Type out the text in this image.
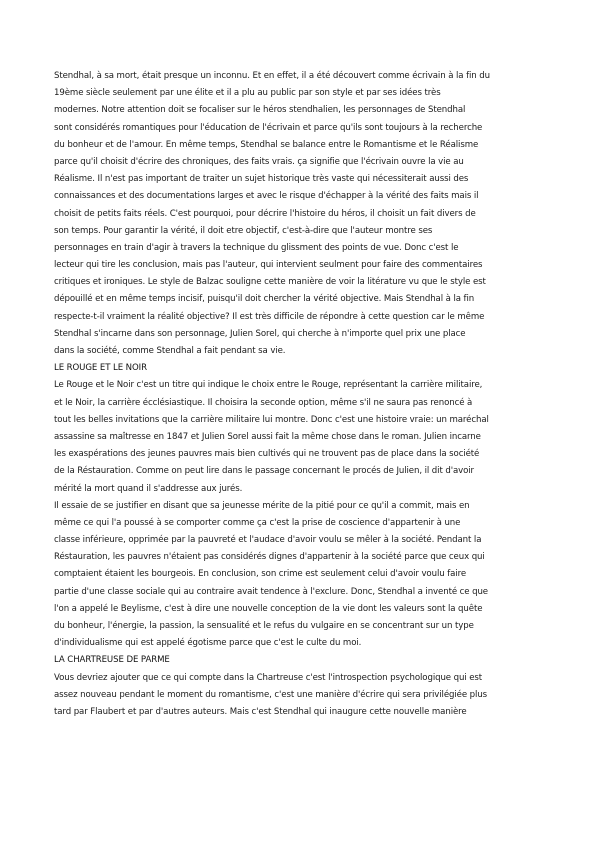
Stendhal, à sa mort, était presque un inconnu. Et en effet, il a été découvert comme écrivain à la fin du
19ème siècle seulement par une élite et il a plu au public par son style et par ses idées très
modernes. Notre attention doit se focaliser sur le héros stendhalien, les personnages de Stendhal
sont considérés romantiques pour l'éducation de l'écrivain et parce qu'ils sont toujours à la recherche
du bonheur et de l'amour. En même temps, Stendhal se balance entre le Romantisme et le Réalisme
parce qu'il choisit d'écrire des chroniques, des faits vrais. ça signifie que l'écrivain ouvre la vie au
Réalisme. Il n'est pas important de traiter un sujet historique très vaste qui nécessiterait aussi des
connaissances et des documentations larges et avec le risque d'échapper à la vérité des faits mais il
choisit de petits faits réels. C'est pourquoi, pour décrire l'histoire du héros, il choisit un fait divers de
son temps. Pour garantir la vérité, il doit etre objectif, c'est-à-dire que l'auteur montre ses
personnages en train d'agir à travers la technique du glissment des points de vue. Donc c'est le
lecteur qui tire les conclusion, mais pas l'auteur, qui intervient seulment pour faire des commentaires
critiques et ironiques. Le style de Balzac souligne cette manière de voir la litérature vu que le style est
dépouillé et en même temps incisif, puisqu'il doit chercher la vérité objective. Mais Stendhal à la fin
respecte-t-il vraiment la réalité objective? Il est très difficile de répondre à cette question car le même
Stendhal s'incarne dans son personnage, Julien Sorel, qui cherche à n'importe quel prix une place
dans la société, comme Stendhal a fait pendant sa vie.
LE ROUGE ET LE NOIR
Le Rouge et le Noir c'est un titre qui indique le choix entre le Rouge, représentant la carrière militaire,
et le Noir, la carrière écclésiastique. Il choisira la seconde option, même s'il ne saura pas renoncé à
tout les belles invitations que la carrière militaire lui montre. Donc c'est une histoire vraie: un maréchal
assassine sa maîtresse en 1847 et Julien Sorel aussi fait la même chose dans le roman. Julien incarne
les exaspérations des jeunes pauvres mais bien cultivés qui ne trouvent pas de place dans la société
de la Réstauration. Comme on peut lire dans le passage concernant le procés de Julien, il dit d'avoir
mérité la mort quand il s'addresse aux jurés.
Il essaie de se justifier en disant que sa jeunesse mérite de la pitié pour ce qu'il a commit, mais en
même ce qui l'a poussé à se comporter comme ça c'est la prise de coscience d'appartenir à une
classe inférieure, opprimée par la pauvreté et l'audace d'avoir voulu se mêler à la société. Pendant la
Réstauration, les pauvres n'étaient pas considérés dignes d'appartenir à la société parce que ceux qui
comptaient étaient les bourgeois. En conclusion, son crime est seulement celui d'avoir voulu faire
partie d'une classe sociale qui au contraire avait tendence à l'exclure. Donc, Stendhal a inventé ce que
l'on a appelé le Beylisme, c'est à dire une nouvelle conception de la vie dont les valeurs sont la quête
du bonheur, l'énergie, la passion, la sensualité et le refus du vulgaire en se concentrant sur un type
d'individualisme qui est appelé égotisme parce que c'est le culte du moi.
LA CHARTREUSE DE PARME
Vous devriez ajouter que ce qui compte dans la Chartreuse c'est l'introspection psychologique qui est
assez nouveau pendant le moment du romantisme, c'est une manière d'écrire qui sera privilégiée plus
tard par Flaubert et par d'autres auteurs. Mais c'est Stendhal qui inaugure cette nouvelle manière
